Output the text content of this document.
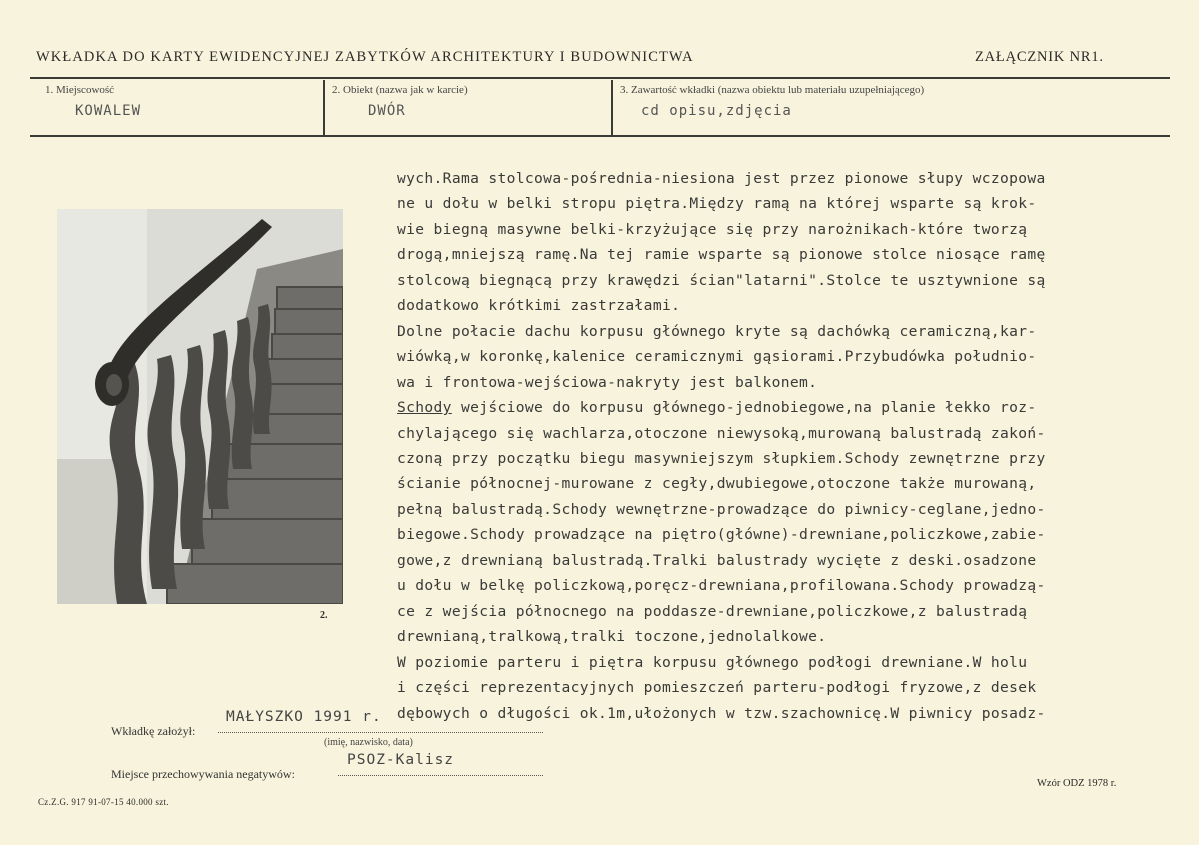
WKŁADKA DO KARTY EWIDENCYJNEJ ZABYTKÓW ARCHITEKTURY I BUDOWNICTWA	ZAŁĄCZNIK NR1.
1. Miejscowość
KOWALEW
2. Obiekt (nazwa jak w karcie)
DWÓR
3. Zawartość wkładki (nazwa obiektu lub materiału uzupełniającego)
cd opisu,zdjęcia
2.
wych.Rama stolcowa-pośrednia-niesiona jest przez pionowe słupy wczopowa
ne u dołu w belki stropu piętra.Między ramą na której wsparte są krok-
wie biegną masywne belki-krzyżujące się przy narożnikach-które tworzą
drogą,mniejszą ramę.Na tej ramie wsparte są pionowe stolce niosące ramę
stolcową biegnącą przy krawędzi ścian"latarni".Stolce te usztywnione są
dodatkowo krótkimi zastrzałami.
Dolne połacie dachu korpusu głównego kryte są dachówką ceramiczną,kar-
wiówką,w koronkę,kalenice ceramicznymi gąsiorami.Przybudówka południo-
wa i frontowa-wejściowa-nakryty jest balkonem.
Schody wejściowe do korpusu głównego-jednobiegowe,na planie łekko roz-
chylającego się wachlarza,otoczone niewysoką,murowaną balustradą zakoń-
czoną przy początku biegu masywniejszym słupkiem.Schody zewnętrzne przy
ścianie północnej-murowane z cegły,dwubiegowe,otoczone także murowaną,
pełną balustradą.Schody wewnętrzne-prowadzące do piwnicy-ceglane,jedno-
biegowe.Schody prowadzące na piętro(główne)-drewniane,policzkowe,zabie-
gowe,z drewnianą balustradą.Tralki balustrady wycięte z deski.osadzone
u dołu w belkę policzkową,poręcz-drewniana,profilowana.Schody prowadzą-
ce z wejścia północnego na poddasze-drewniane,policzkowe,z balustradą
drewnianą,tralkową,tralki toczone,jednolalkowe.
W poziomie parteru i piętra korpusu głównego podłogi drewniane.W holu
i części reprezentacyjnych pomieszczeń parteru-podłogi fryzowe,z desek
dębowych o długości ok.1m,ułożonych w tzw.szachownicę.W piwnicy posadz-
Wkładkę założył:
MAŁYSZKO 1991 r.
(imię, nazwisko, data)
Miejsce przechowywania negatywów:
PSOZ-Kalisz
Cz.Z.G. 917 91-07-15 40.000 szt.
Wzór ODZ 1978 r.
